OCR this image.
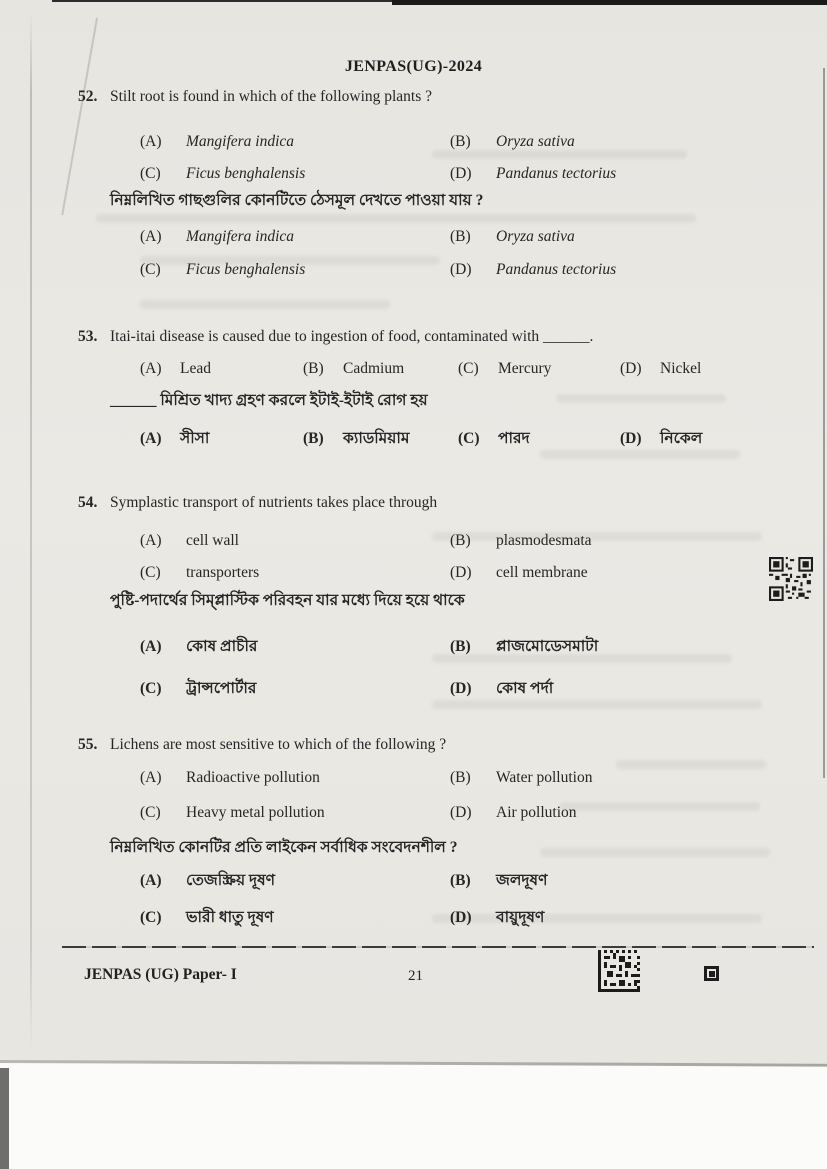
JENPAS(UG)-2024
52. Stilt root is found in which of the following plants ?
(A)	Mangifera indica	(B)	Oryza sativa
(C)	Ficus benghalensis	(D)	Pandanus tectorius
নিম্নলিখিত গাছগুলির কোনটিতে ঠেসমূল দেখতে পাওয়া যায় ?
(A)	Mangifera indica	(B)	Oryza sativa
(C)	Ficus benghalensis	(D)	Pandanus tectorius
53. Itai-itai disease is caused due to ingestion of food, contaminated with ______.
(A)	Lead	(B)	Cadmium	(C)	Mercury	(D)	Nickel
______ মিশ্রিত খাদ্য গ্রহণ করলে ইটাই-ইটাই রোগ হয়
(A)	সীসা	(B)	ক্যাডমিয়াম	(C)	পারদ	(D)	নিকেল
54. Symplastic transport of nutrients takes place through
(A)	cell wall	(B)	plasmodesmata
(C)	transporters	(D)	cell membrane
পুষ্টি-পদার্থের সিম্প্লাস্টিক পরিবহন যার মধ্যে দিয়ে হয়ে থাকে
(A)	কোষ প্রাচীর	(B)	প্লাজমোডেসমাটা
(C)	ট্রান্সপোর্টার	(D)	কোষ পর্দা
55. Lichens are most sensitive to which of the following ?
(A)	Radioactive pollution	(B)	Water pollution
(C)	Heavy metal pollution	(D)	Air pollution
নিম্নলিখিত কোনটির প্রতি লাইকেন সর্বাধিক সংবেদনশীল ?
(A)	তেজস্ক্রিয় দূষণ	(B)	জলদূষণ
(C)	ভারী ধাতু দূষণ	(D)	বায়ুদূষণ
JENPAS (UG) Paper- I	21
